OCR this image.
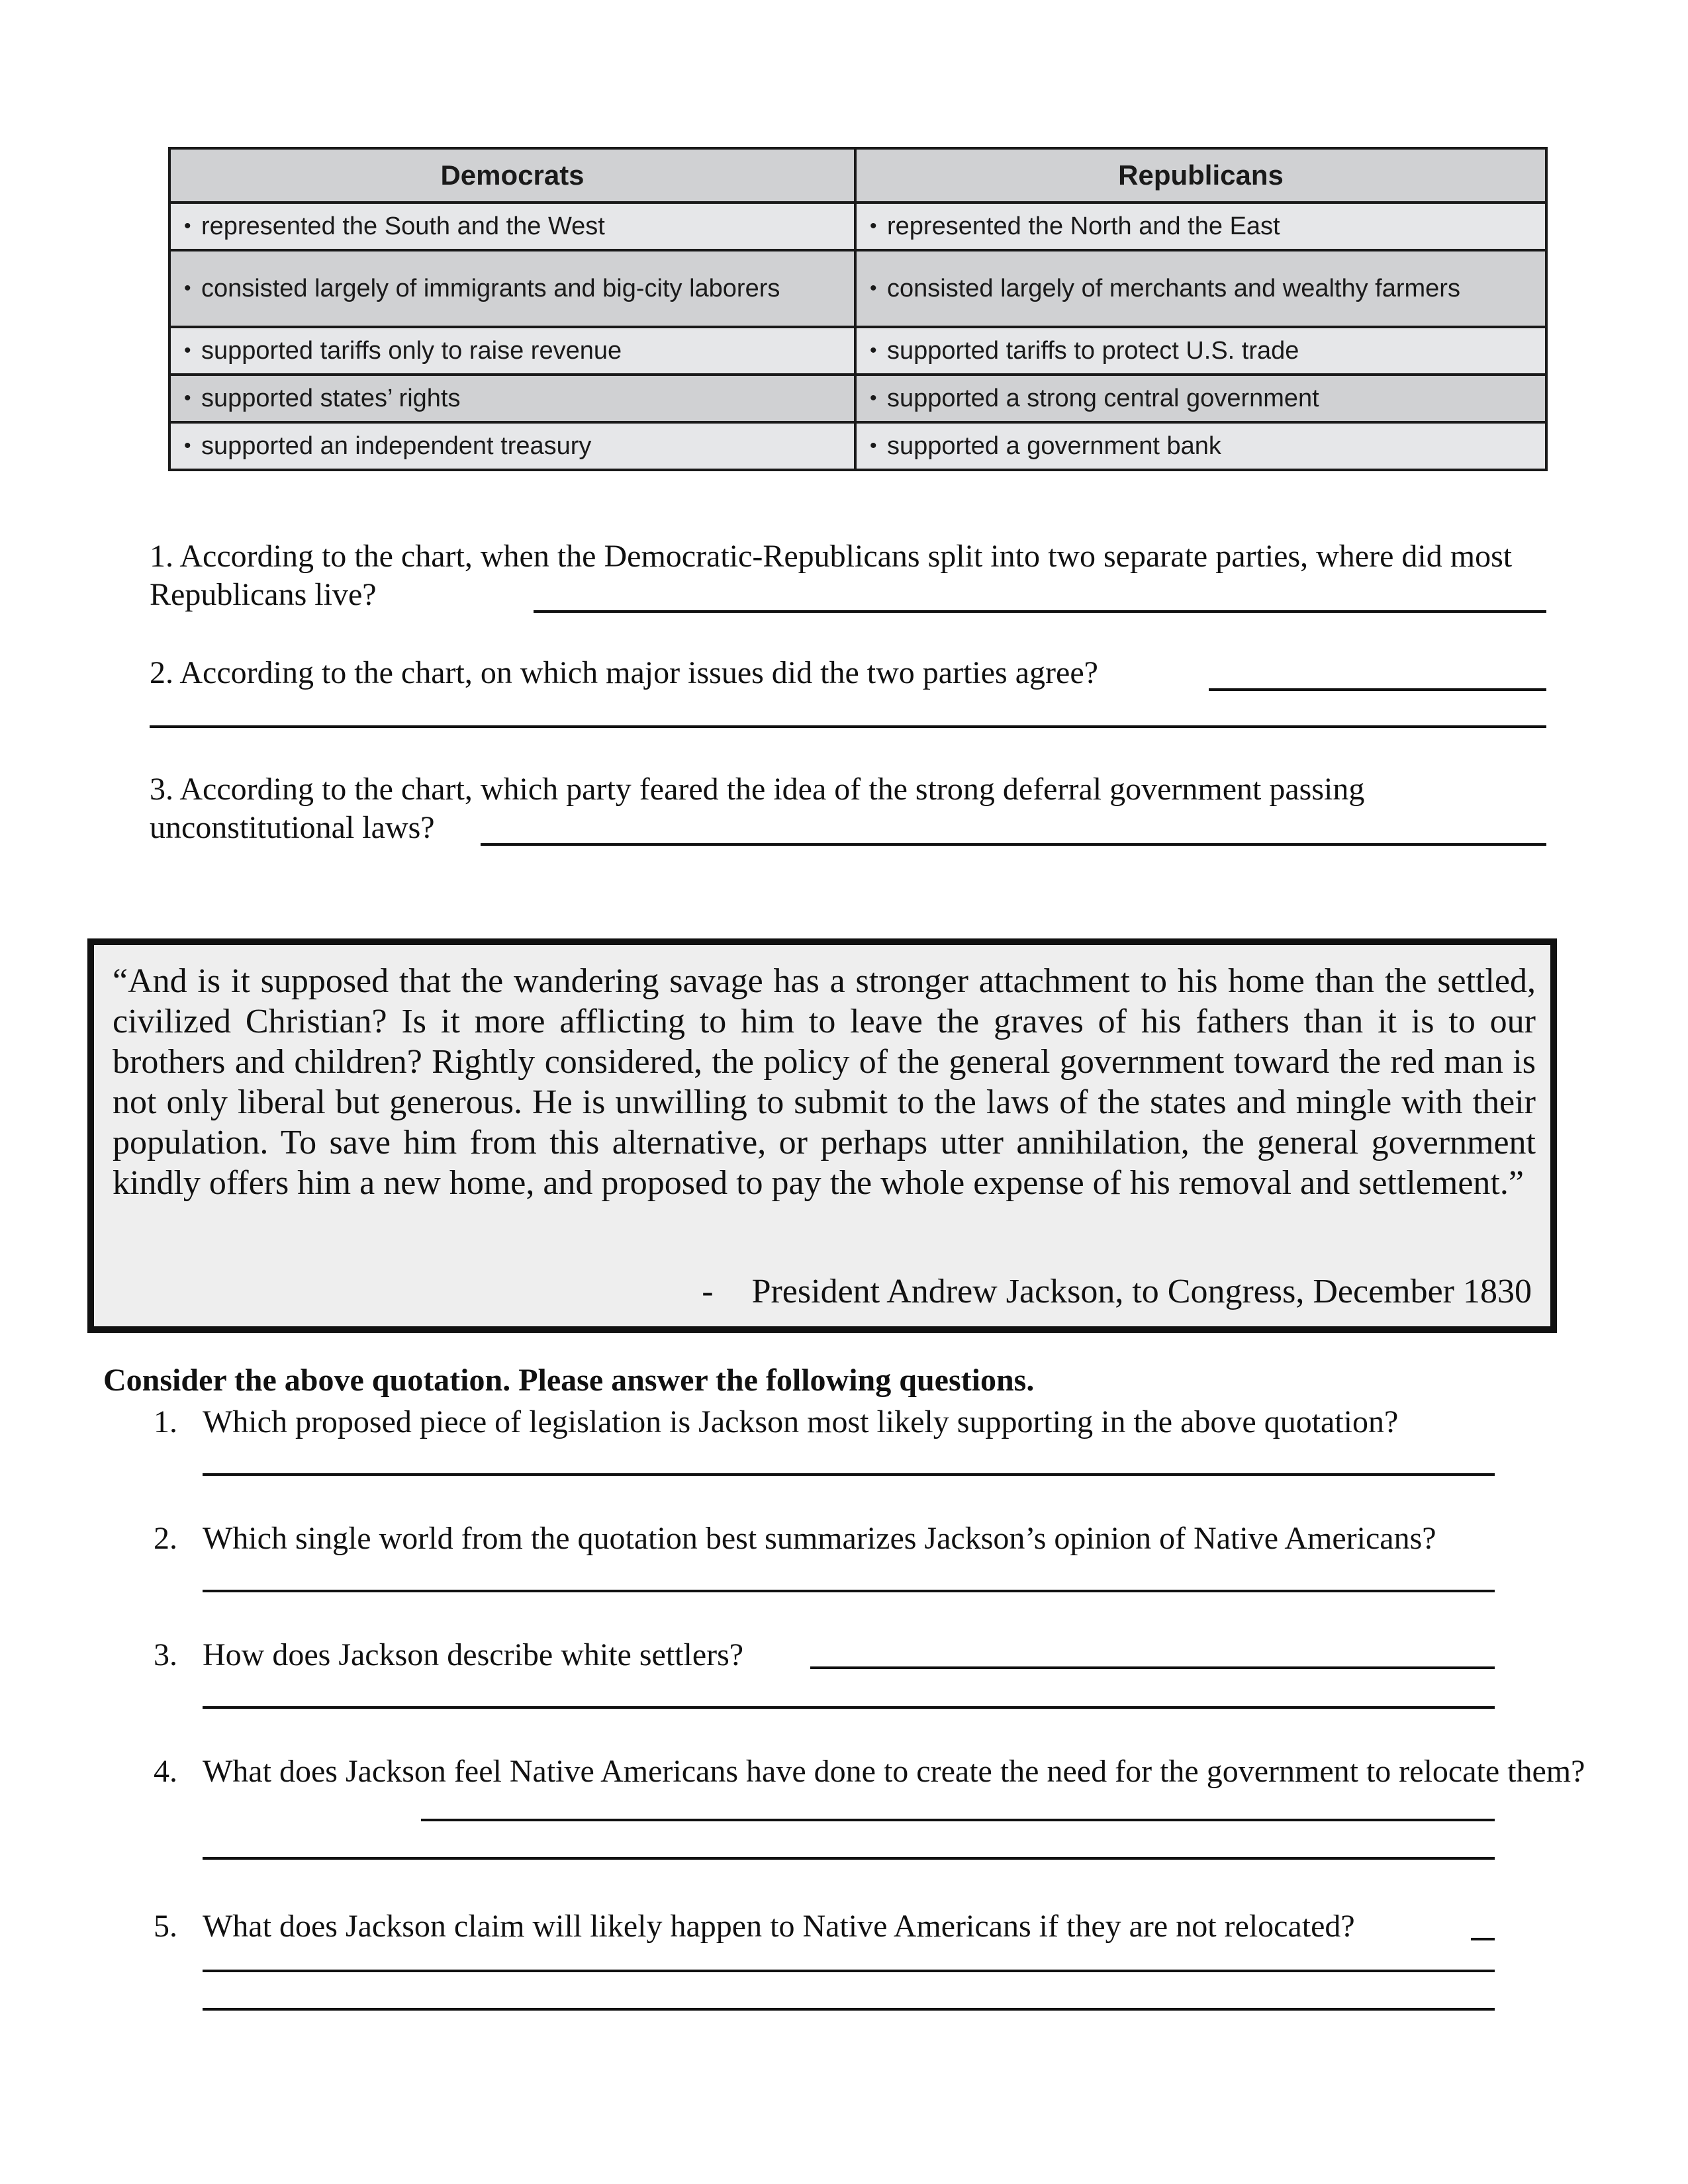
Democrats	Republicans

• represented the South and the West	• represented the North and the East

• consisted largely of immigrants and big-city laborers	• consisted largely of merchants and wealthy farmers

• supported tariffs only to raise revenue	• supported tariffs to protect U.S. trade

• supported states’ rights	• supported a strong central government

• supported an independent treasury	• supported a government bank
1. According to the chart, when the Democratic-Republicans split into two separate parties, where did most Republicans live?
2. According to the chart, on which major issues did the two parties agree?
3. According to the chart, which party feared the idea of the strong deferral government passing unconstitutional laws?
“And is it supposed that the wandering savage has a stronger attachment to his home than the settled, civilized Christian? Is it more afflicting to him to leave the graves of his fathers than it is to our brothers and children? Rightly considered, the policy of the general government toward the red man is not only liberal but generous. He is unwilling to submit to the laws of the states and mingle with their population. To save him from this alternative, or perhaps utter annihilation, the general government kindly offers him a new home, and proposed to pay the whole expense of his removal and settlement.”
- President Andrew Jackson, to Congress, December 1830
Consider the above quotation. Please answer the following questions.
1. Which proposed piece of legislation is Jackson most likely supporting in the above quotation?
2. Which single world from the quotation best summarizes Jackson’s opinion of Native Americans?
3. How does Jackson describe white settlers?
4. What does Jackson feel Native Americans have done to create the need for the government to relocate them?
5. What does Jackson claim will likely happen to Native Americans if they are not relocated?
